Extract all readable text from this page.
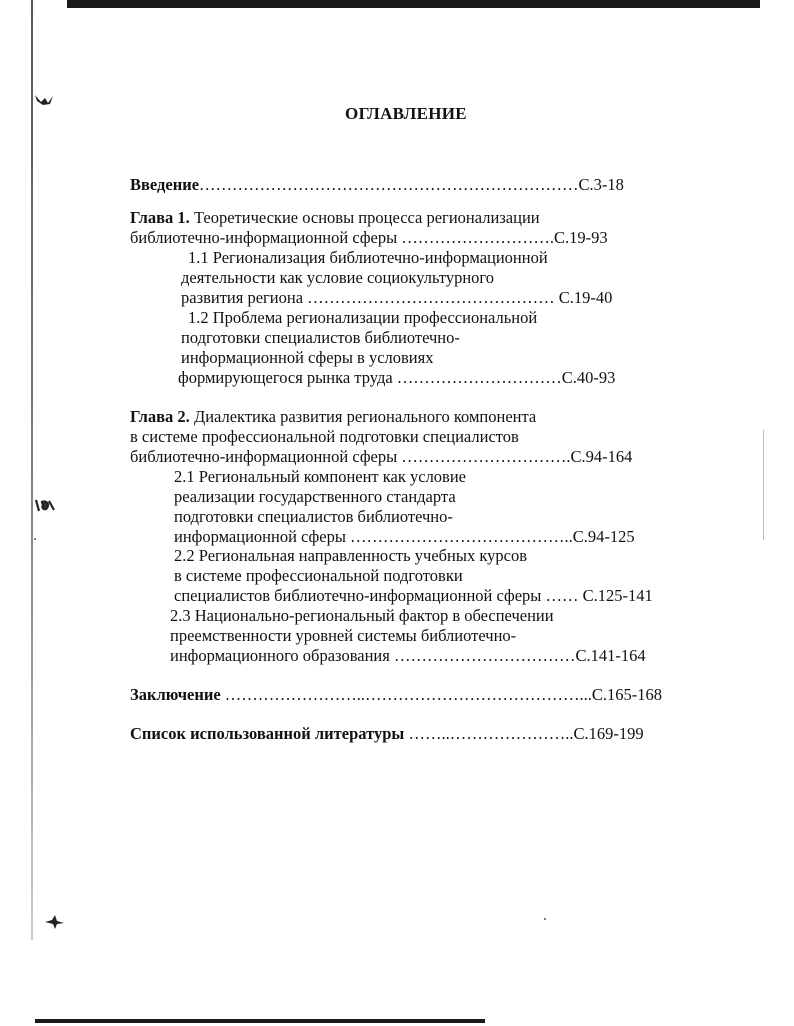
ОГЛАВЛЕНИЕ
Введение……………………………………………………………С.3-18
Глава 1. Теоретические основы процесса регионализации
библиотечно-информационной сферы ……………………….С.19-93
1.1 Регионализация библиотечно-информационной
деятельности как условие социокультурного
развития региона ……………………………………… С.19-40
1.2 Проблема регионализации профессиональной
подготовки специалистов библиотечно-
информационной сферы в условиях
формирующегося рынка труда …………………………С.40-93
Глава 2. Диалектика развития регионального компонента
в системе профессиональной подготовки специалистов
библиотечно-информационной сферы ………………………….С.94-164
2.1 Региональный компонент как условие
реализации государственного стандарта
подготовки специалистов библиотечно-
информационной сферы …………………………………..С.94-125
2.2 Региональная направленность учебных курсов
в системе профессиональной подготовки
специалистов библиотечно-информационной сферы …… С.125-141
2.3 Национально-региональный фактор в обеспечении
преемственности уровней системы библиотечно-
информационного образования ……………………………С.141-164
Заключение ……………………..…………………………………...С.165-168
Список использованной литературы ……..…………………..С.169-199
